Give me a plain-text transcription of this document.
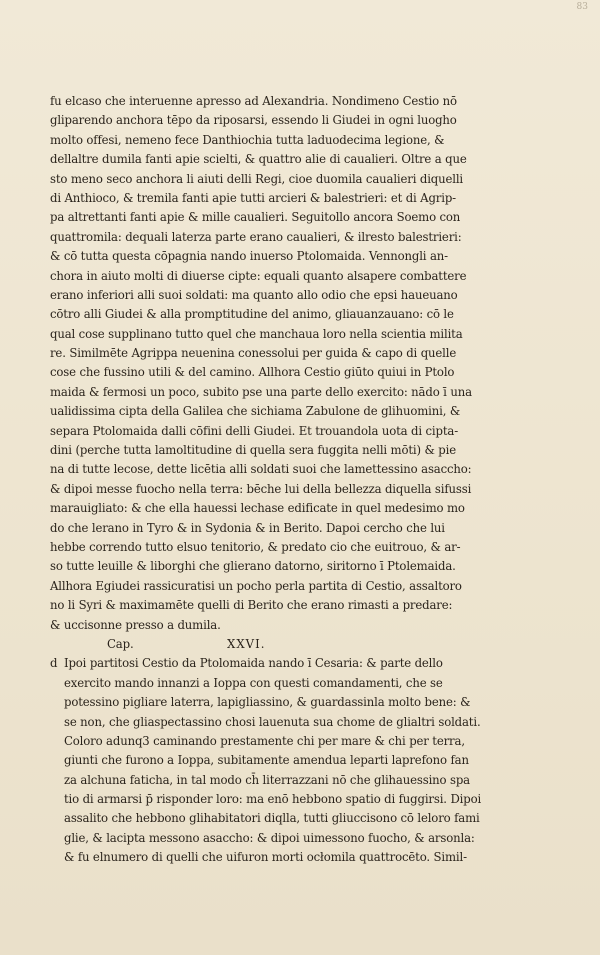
83
fu elcaso che interuenne apresso ad Alexandria. Nondimeno Cestio nō
gliparendo anchora tēpo da riposarsi, essendo li Giudei in ogni luogho
molto offesi, nemeno fece Danthiochia tutta laduodecima legione, &
dellaltre dumila fanti apie scielti, & quattro alie di caualieri. Oltre a que
sto meno seco anchora li aiuti delli Regi, cioe duomila caualieri diquelli
di Anthioco, & tremila fanti apie tutti arcieri & balestrieri: et di Agrip-
pa altrettanti fanti apie & mille caualieri. Seguitollo ancora Soemo con
quattromila: dequali laterza parte erano caualieri, & ilresto balestrieri:
& cō tutta questa cōpagnia nando inuerso Ptolomaida. Vennongli an-
chora in aiuto molti di diuerse cipte: equali quanto alsapere combattere
erano inferiori alli suoi soldati: ma quanto allo odio che epsi haueuano
cōtro alli Giudei & alla promptitudine del animo, gliauanzauano: cō le
qual cose supplinano tutto quel che manchaua loro nella scientia milita
re. Similmēte Agrippa neuenina conessolui per guida & capo di quelle
cose che fussino utili & del camino. Allhora Cestio giūto quiui in Ptolo
maida & fermosi un poco, subito pse una parte dello exercito: nādo ī una
ualidissima cipta della Galilea che sichiama Zabulone de glihuomini, &
separa Ptolomaida dalli cōfini delli Giudei. Et trouandola uota di cipta-
dini (perche tutta lamoltitudine di quella sera fuggita nelli mōti) & pie
na di tutte lecose, dette licētia alli soldati suoi che lamettessino asaccho:
& dipoi messe fuocho nella terra: bēche lui della bellezza diquella sifussi
marauigliato: & che ella hauessi lechase edificate in quel medesimo mo
do che lerano in Tyro & in Sydonia & in Berito. Dapoi cercho che lui
hebbe correndo tutto elsuo tenitorio, & predato cio che euitrouo, & ar-
so tutte leuille & liborghi che glierano datorno, siritorno ī Ptolemaida.
Allhora Egiudei rassicuratisi un pocho perla partita di Cestio, assaltoro
no li Syri & maximamēte quelli di Berito che erano rimasti a predare:
& uccisonne presso a dumila.
Cap.	XXVI.
d Ipoi partitosi Cestio da Ptolomaida nando ī Cesaria: & parte dello
exercito mando innanzi a Ioppa con questi comandamenti, che se
potessino pigliare laterra, lapigliassino, & guardassinla molto bene: &
se non, che gliaspectassino chosi lauenuta sua chome de glialtri soldati.
Coloro adunq3 caminando prestamente chi per mare & chi per terra,
giunti che furono a Ioppa, subitamente amendua leparti laprefono fan
za alchuna faticha, in tal modo ch̄ literrazzani nō che glihauessino spa
tio di armarsi p̄ risponder loro: ma enō hebbono spatio di fuggirsi. Dipoi
assalito che hebbono glihabitatori diqlla, tutti gliuccisono cō leloro fami
glie, & lacipta messono asaccho: & dipoi uimessono fuocho, & arsonla:
& fu elnumero di quelli che uifuron morti ocłomila quattrocēto. Simil-
